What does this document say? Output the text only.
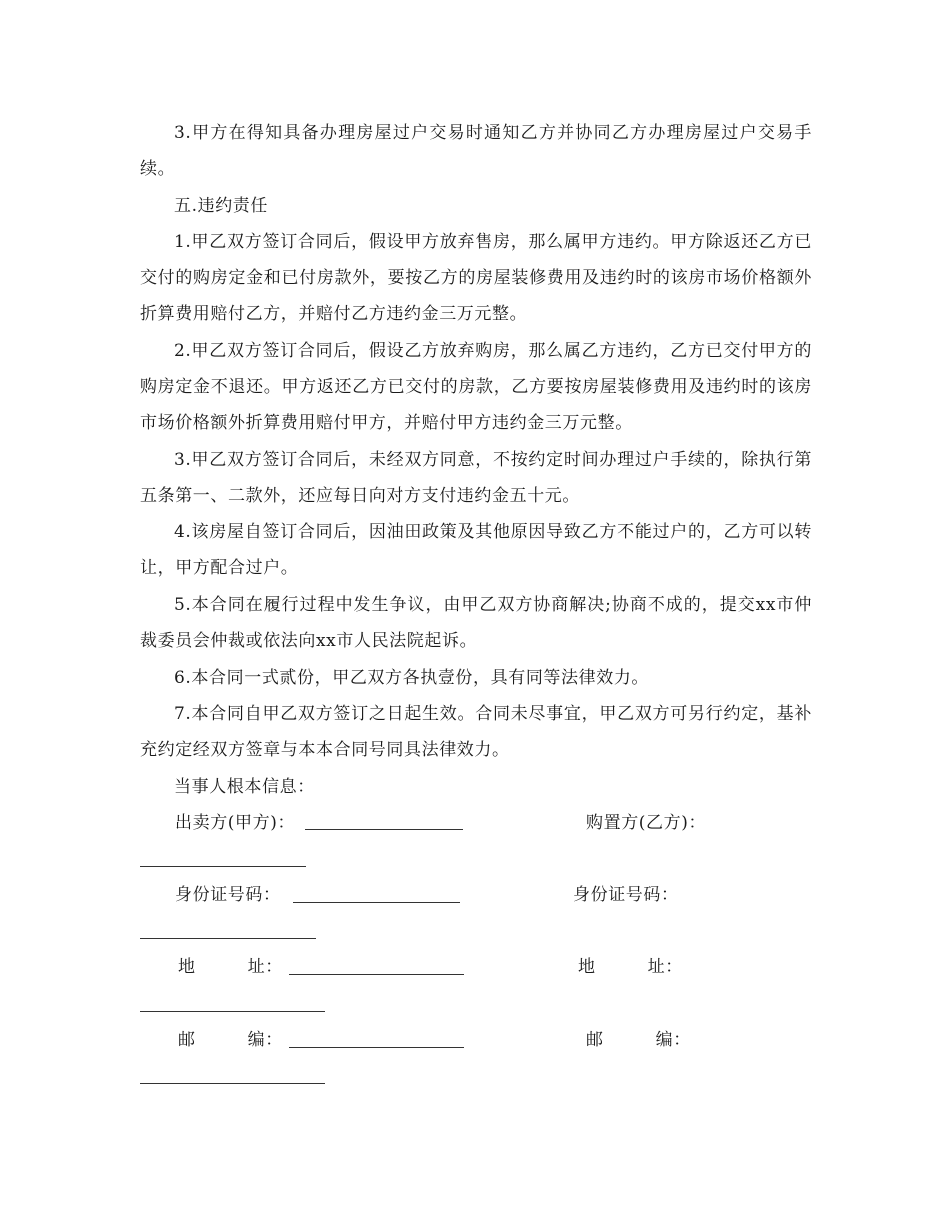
3.甲方在得知具备办理房屋过户交易时通知乙方并协同乙方办理房屋过户交易手续。

五.违约责任

1.甲乙双方签订合同后，假设甲方放弃售房，那么属甲方违约。甲方除返还乙方已交付的购房定金和已付房款外，要按乙方的房屋装修费用及违约时的该房市场价格额外折算费用赔付乙方，并赔付乙方违约金三万元整。

2.甲乙双方签订合同后，假设乙方放弃购房，那么属乙方违约，乙方已交付甲方的购房定金不退还。甲方返还乙方已交付的房款，乙方要按房屋装修费用及违约时的该房市场价格额外折算费用赔付甲方，并赔付甲方违约金三万元整。

3.甲乙双方签订合同后，未经双方同意，不按约定时间办理过户手续的，除执行第五条第一、二款外，还应每日向对方支付违约金五十元。

4.该房屋自签订合同后，因油田政策及其他原因导致乙方不能过户的，乙方可以转让，甲方配合过户。

5.本合同在履行过程中发生争议，由甲乙双方协商解决;协商不成的，提交xx市仲裁委员会仲裁或依法向xx市人民法院起诉。

6.本合同一式贰份，甲乙双方各执壹份，具有同等法律效力。

7.本合同自甲乙双方签订之日起生效。合同未尽事宜，甲乙双方可另行约定，基补充约定经双方签章与本本合同号同具法律效力。

当事人根本信息：

出卖方(甲方)：	购置方(乙方)：
身份证号码：	身份证号码：
地	址：	地	址：
邮	编：	邮	编：
